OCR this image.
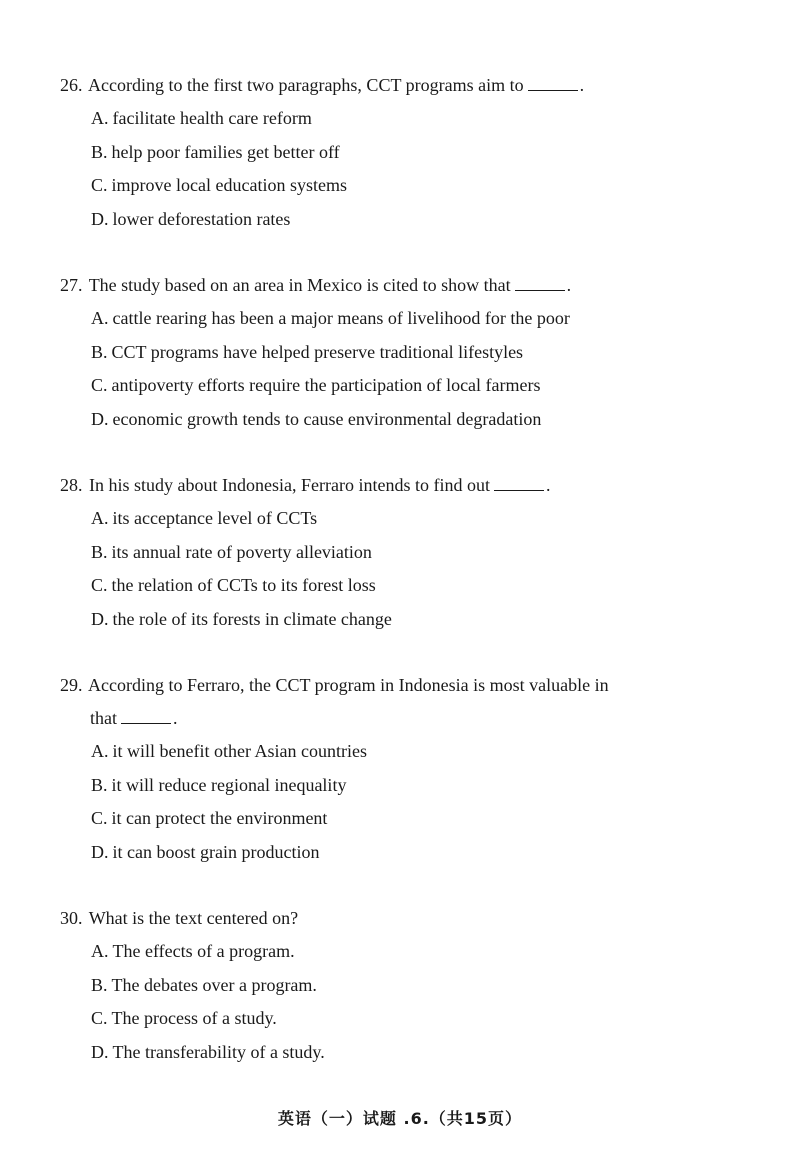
26. According to the first two paragraphs, CCT programs aim to	.

A. facilitate health care reform
B. help poor families get better off
C. improve local education systems
D. lower deforestation rates

27. The study based on an area in Mexico is cited to show that	.

A. cattle rearing has been a major means of livelihood for the poor
B. CCT programs have helped preserve traditional lifestyles
C. antipoverty efforts require the participation of local farmers
D. economic growth tends to cause environmental degradation

28. In his study about Indonesia, Ferraro intends to find out	.

A. its acceptance level of CCTs
B. its annual rate of poverty alleviation
C. the relation of CCTs to its forest loss
D. the role of its forests in climate change

29. According to Ferraro, the CCT program in Indonesia is most valuable in

that	.

A. it will benefit other Asian countries
B. it will reduce regional inequality
C. it can protect the environment
D. it can boost grain production

30. What is the text centered on?

A. The effects of a program.
B. The debates over a program.
C. The process of a study.
D. The transferability of a study.
英语（一）试题 .6.（共15页）
